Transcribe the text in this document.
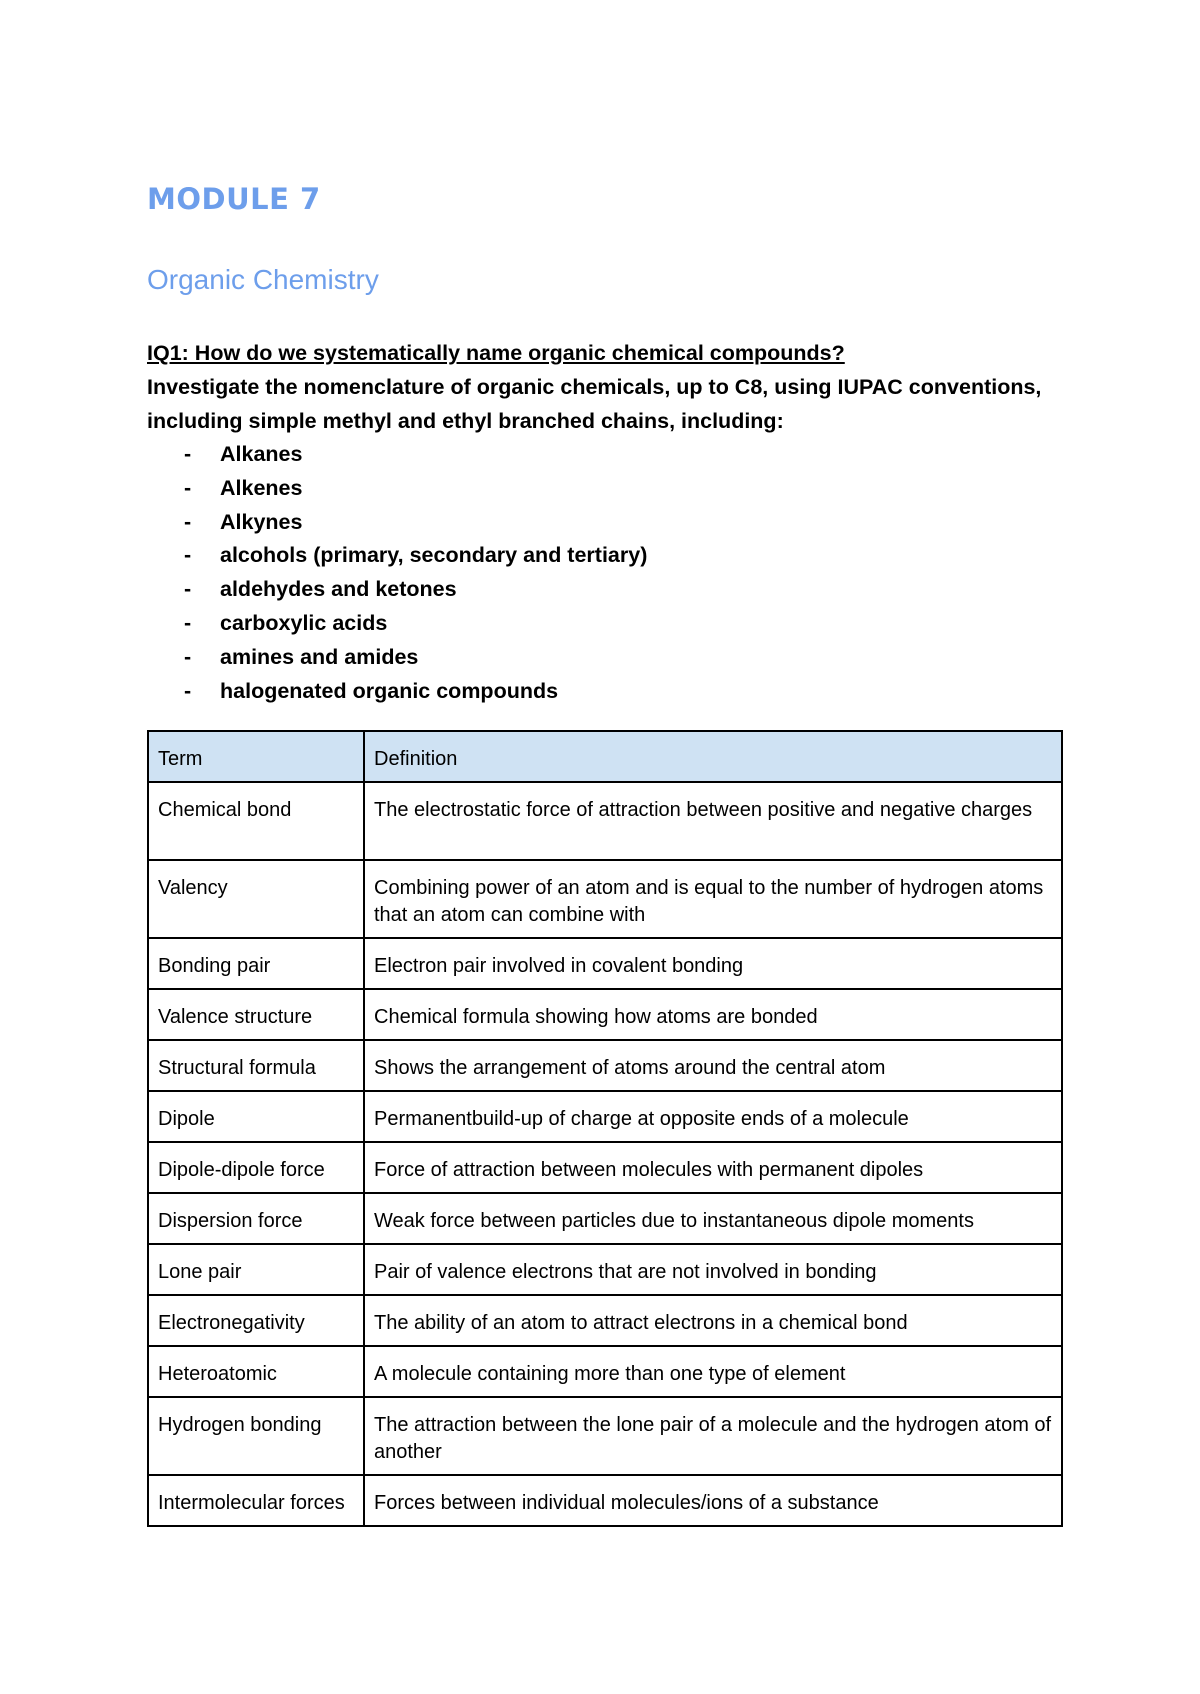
MODULE 7
Organic Chemistry
IQ1: How do we systematically name organic chemical compounds?
Investigate the nomenclature of organic chemicals, up to C8, using IUPAC conventions, including simple methyl and ethyl branched chains, including:
- Alkanes
- Alkenes
- Alkynes
- alcohols (primary, secondary and tertiary)
- aldehydes and ketones
- carboxylic acids
- amines and amides
- halogenated organic compounds
Term	Definition
Chemical bond	The electrostatic force of attraction between positive and negative charges
Valency	Combining power of an atom and is equal to the number of hydrogen atoms that an atom can combine with
Bonding pair	Electron pair involved in covalent bonding
Valence structure	Chemical formula showing how atoms are bonded
Structural formula	Shows the arrangement of atoms around the central atom
Dipole	Permanentbuild-up of charge at opposite ends of a molecule
Dipole-dipole force	Force of attraction between molecules with permanent dipoles
Dispersion force	Weak force between particles due to instantaneous dipole moments
Lone pair	Pair of valence electrons that are not involved in bonding
Electronegativity	The ability of an atom to attract electrons in a chemical bond
Heteroatomic	A molecule containing more than one type of element
Hydrogen bonding	The attraction between the lone pair of a molecule and the hydrogen atom of another
Intermolecular forces	Forces between individual molecules/ions of a substance
